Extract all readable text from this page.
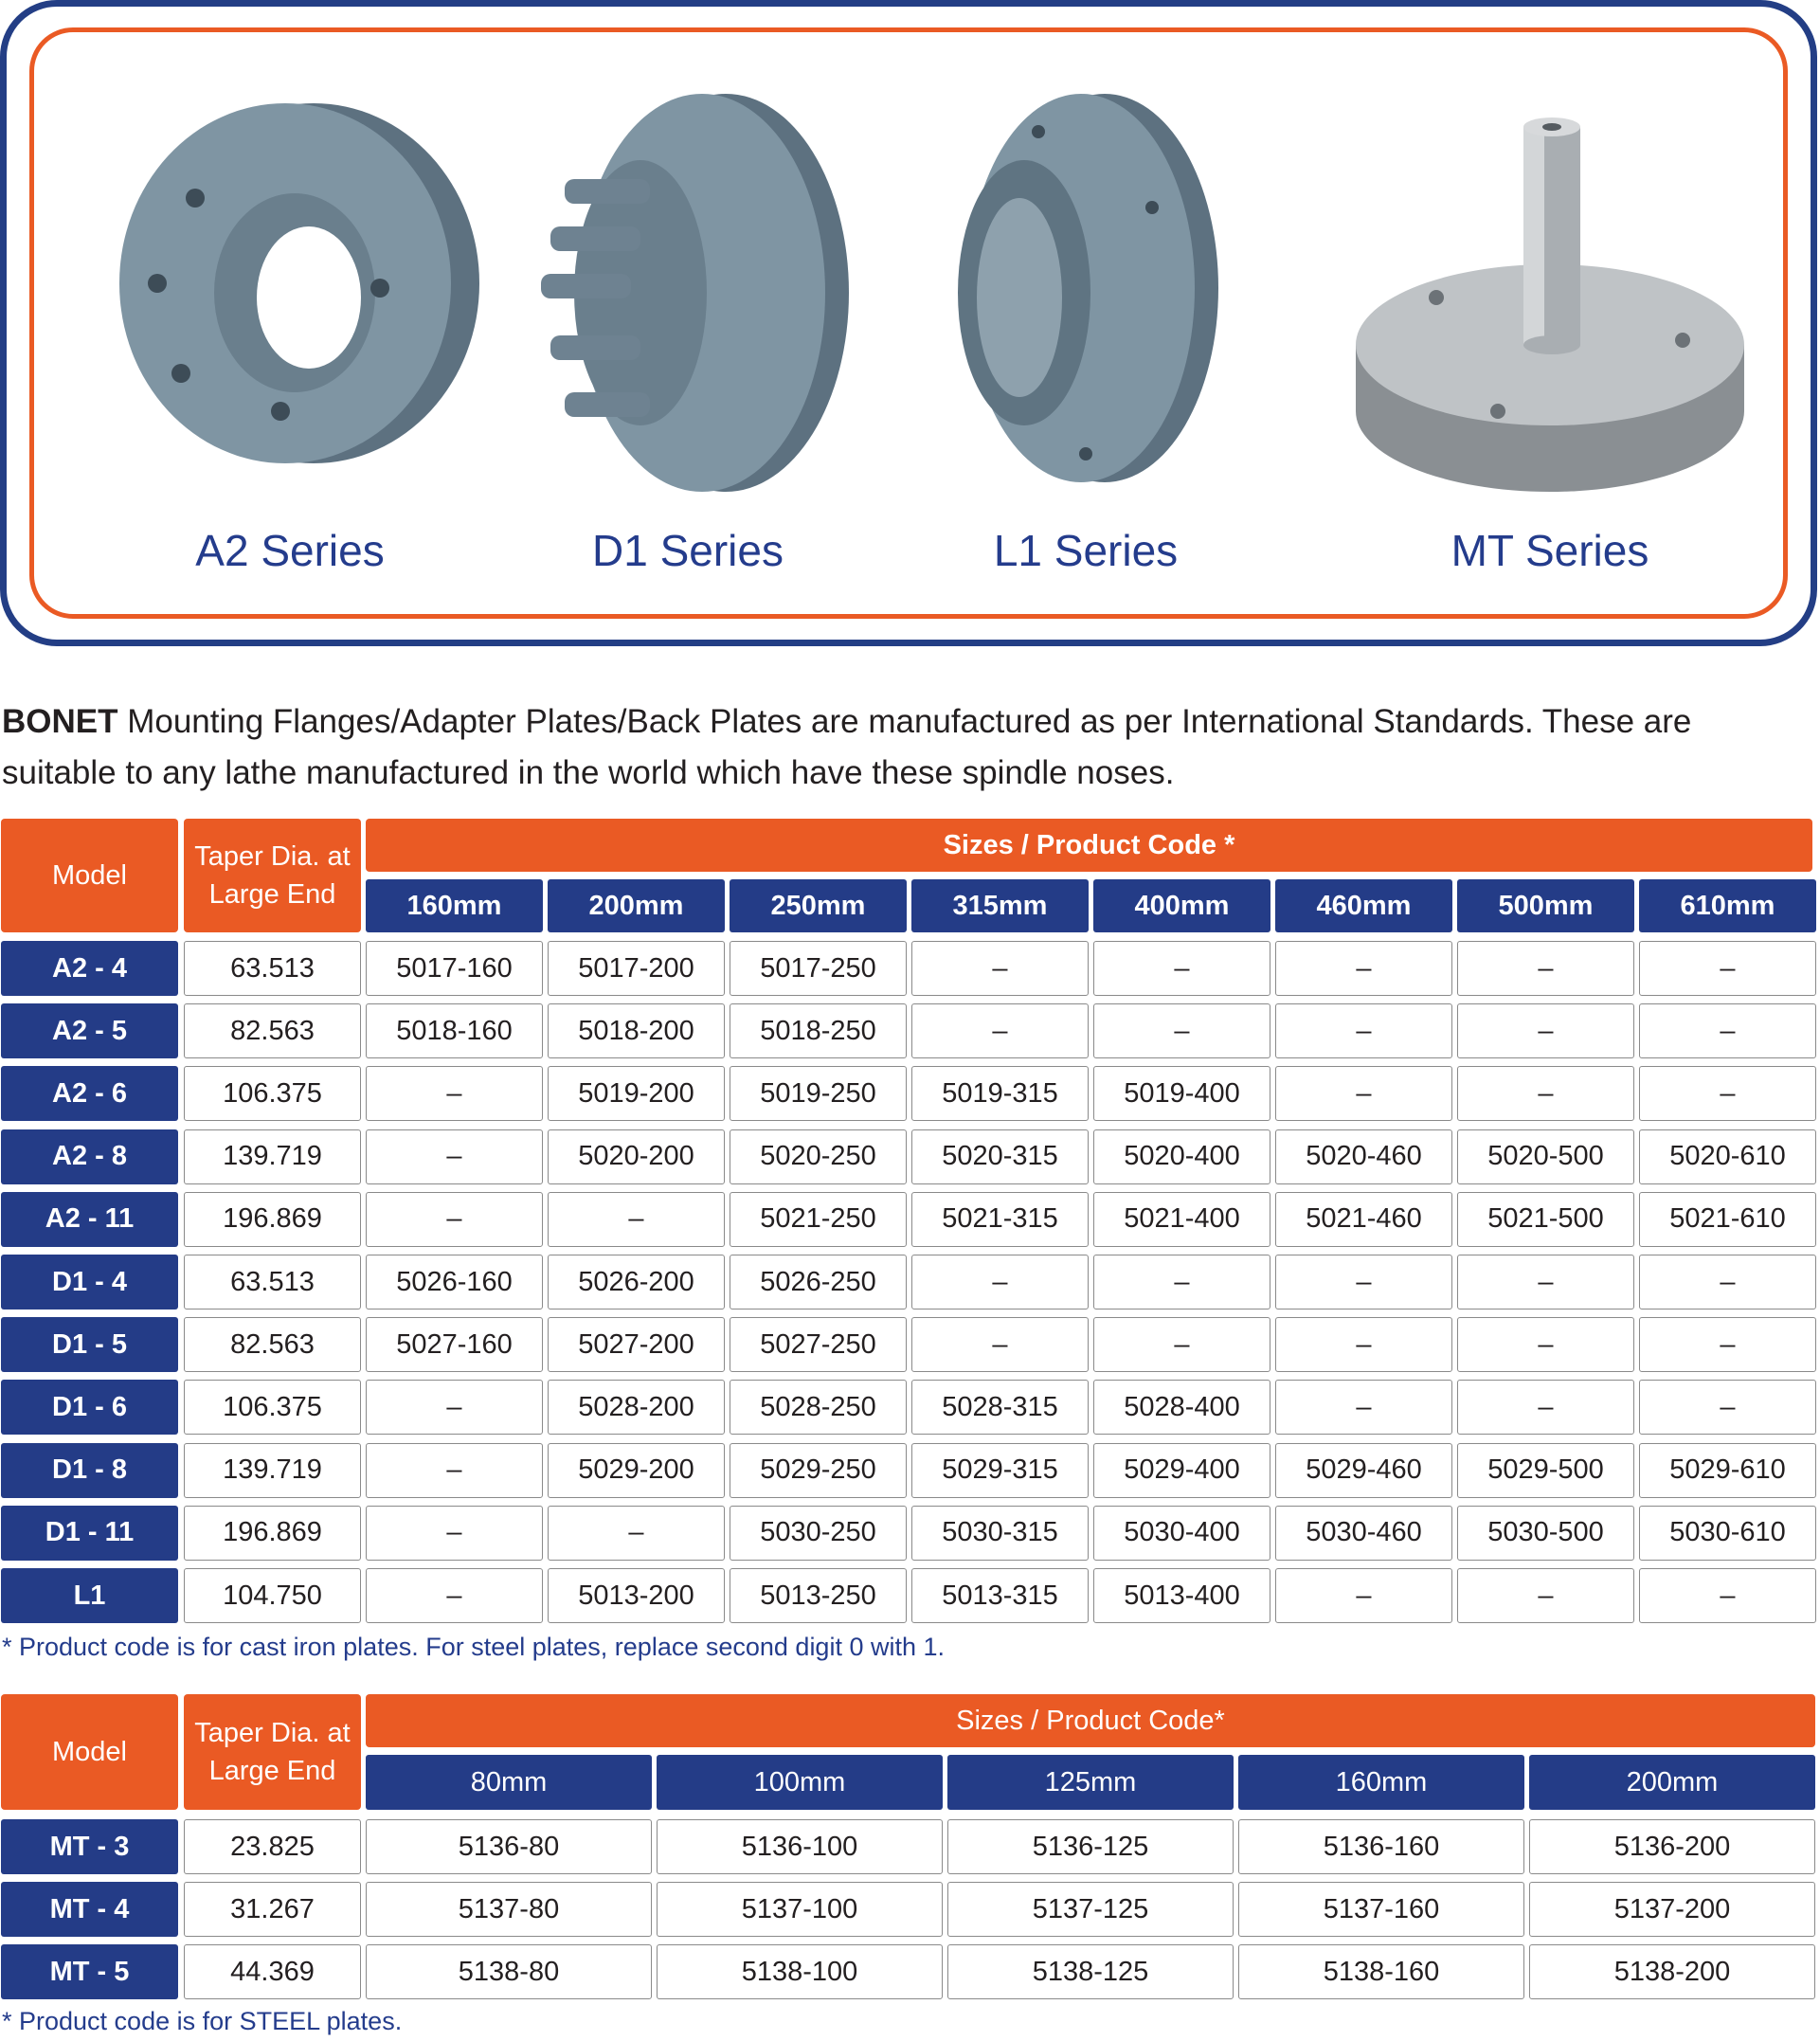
A2 Series	D1 Series	L1 Series	MT Series

BONET Mounting Flanges/Adapter Plates/Back Plates are manufactured as per International Standards. These are suitable to any lathe manufactured in the world which have these spindle noses.

Model
Taper Dia. at Large End
Sizes / Product Code *
160mm	200mm	250mm	315mm	400mm	460mm	500mm	610mm
A2 - 4	63.513	5017-160	5017-200	5017-250	–	–	–	–	–
A2 - 5	82.563	5018-160	5018-200	5018-250	–	–	–	–	–
A2 - 6	106.375	–	5019-200	5019-250	5019-315	5019-400	–	–	–
A2 - 8	139.719	–	5020-200	5020-250	5020-315	5020-400	5020-460	5020-500	5020-610
A2 - 11	196.869	–	–	5021-250	5021-315	5021-400	5021-460	5021-500	5021-610
D1 - 4	63.513	5026-160	5026-200	5026-250	–	–	–	–	–
D1 - 5	82.563	5027-160	5027-200	5027-250	–	–	–	–	–
D1 - 6	106.375	–	5028-200	5028-250	5028-315	5028-400	–	–	–
D1 - 8	139.719	–	5029-200	5029-250	5029-315	5029-400	5029-460	5029-500	5029-610
D1 - 11	196.869	–	–	5030-250	5030-315	5030-400	5030-460	5030-500	5030-610
L1	104.750	–	5013-200	5013-250	5013-315	5013-400	–	–	–
* Product code is for cast iron plates. For steel plates, replace second digit 0 with 1.
Model
Taper Dia. at Large End
Sizes / Product Code*
80mm	100mm	125mm	160mm	200mm
MT - 3	23.825	5136-80	5136-100	5136-125	5136-160	5136-200
MT - 4	31.267	5137-80	5137-100	5137-125	5137-160	5137-200
MT - 5	44.369	5138-80	5138-100	5138-125	5138-160	5138-200
* Product code is for STEEL plates.
